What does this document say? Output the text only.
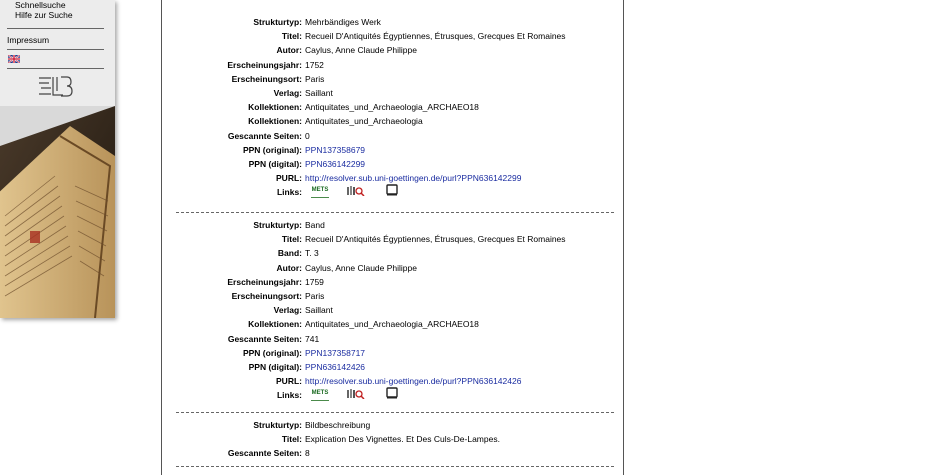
Schnellsuche
Hilfe zur Suche
Impressum
Strukturtyp: Mehrbändiges Werk
Titel: Recueil D'Antiquités Égyptiennes, Étrusques, Grecques Et Romaines
Autor: Caylus, Anne Claude Philippe
Erscheinungsjahr: 1752
Erscheinungsort: Paris
Verlag: Saillant
Kollektionen: Antiquitates_und_Archaeologia_ARCHAEO18
Kollektionen: Antiquitates_und_Archaeologia
Gescannte Seiten: 0
PPN (original): PPN137358679
PPN (digital): PPN636142299
PURL: http://resolver.sub.uni-goettingen.de/purl?PPN636142299
Links: METS
Strukturtyp: Band
Titel: Recueil D'Antiquités Égyptiennes, Étrusques, Grecques Et Romaines
Band: T. 3
Autor: Caylus, Anne Claude Philippe
Erscheinungsjahr: 1759
Erscheinungsort: Paris
Verlag: Saillant
Kollektionen: Antiquitates_und_Archaeologia_ARCHAEO18
Gescannte Seiten: 741
PPN (original): PPN137358717
PPN (digital): PPN636142426
PURL: http://resolver.sub.uni-goettingen.de/purl?PPN636142426
Links: METS
Strukturtyp: Bildbeschreibung
Titel: Explication Des Vignettes. Et Des Culs-De-Lampes.
Gescannte Seiten: 8
